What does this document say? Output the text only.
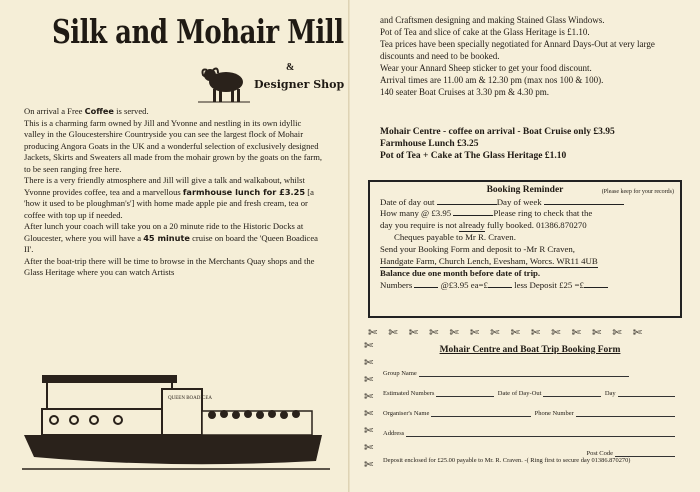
Silk and Mohair Mill
&
Designer Shop

On arrival a Free Coffee is served.

This is a charming farm owned by Jill and Yvonne and nestling in its own idyllic valley in the Gloucestershire Countryside you can see the largest flock of Mohair producing Angora Goats in the UK and a wonderful selection of exclusively designed Jackets, Skirts and Sweaters all made from the mohair grown by the goats on the farm, to be seen ranging free here.

There is a very friendly atmosphere and Jill will give a talk and walkabout, whilst Yvonne provides coffee, tea and a marvellous farmhouse lunch for £3.25 [a 'how it used to be ploughman's'] with home made apple pie and fresh cream, tea or coffee with top up if needed.

After lunch your coach will take you on a 20 minute ride to the Historic Docks at Gloucester, where you will have a 45 minute cruise on board the 'Queen Boadicea II'.

After the boat-trip there will be time to browse in the Merchants Quay shops and the Glass Heritage where you can watch Artists

QUEEN BOADICEA

and Craftsmen designing and making Stained Glass Windows.

Pot of Tea and slice of cake at the Glass Heritage is £1.10.

Tea prices have been specially negotiated for Annard Days-Out at very large discounts and need to be booked.

Wear your Annard Sheep sticker to get your food discount.

Arrival times are 11.00 am & 12.30 pm (max nos 100 & 100).

140 seater Boat Cruises at 3.30 pm & 4.30 pm.

Mohair Centre - coffee on arrival - Boat Cruise only £3.95

Farmhouse Lunch £3.25

Pot of Tea + Cake at The Glass Heritage £1.10

(Please keep for your records)

Booking Reminder

Date of day out	Day of week

How many @ £3.95	Please ring to check that the

day you require is not already fully booked. 01386.870270

Cheques payable to Mr R. Craven.

Send your Booking Form and deposit to -Mr R Craven,

Handgate Farm, Church Lench, Evesham, Worcs. WR11 4UB

Balance due one month before date of trip.

Numbers	@£3.95 ea=£	less Deposit £25 =£

✄ ✄ ✄ ✄ ✄ ✄ ✄ ✄ ✄ ✄ ✄ ✄ ✄ ✄
✄
✄
✄
✄
✄
✄
✄
✄
Mohair Centre and Boat Trip Booking Form
Group Name
Estimated Numbers	Date of Day-Out	Day
Organiser's Name	Phone Number
Address
Post Code
Deposit enclosed for £25.00 payable to Mr. R. Craven. -( Ring first to secure day 01386.870270)
